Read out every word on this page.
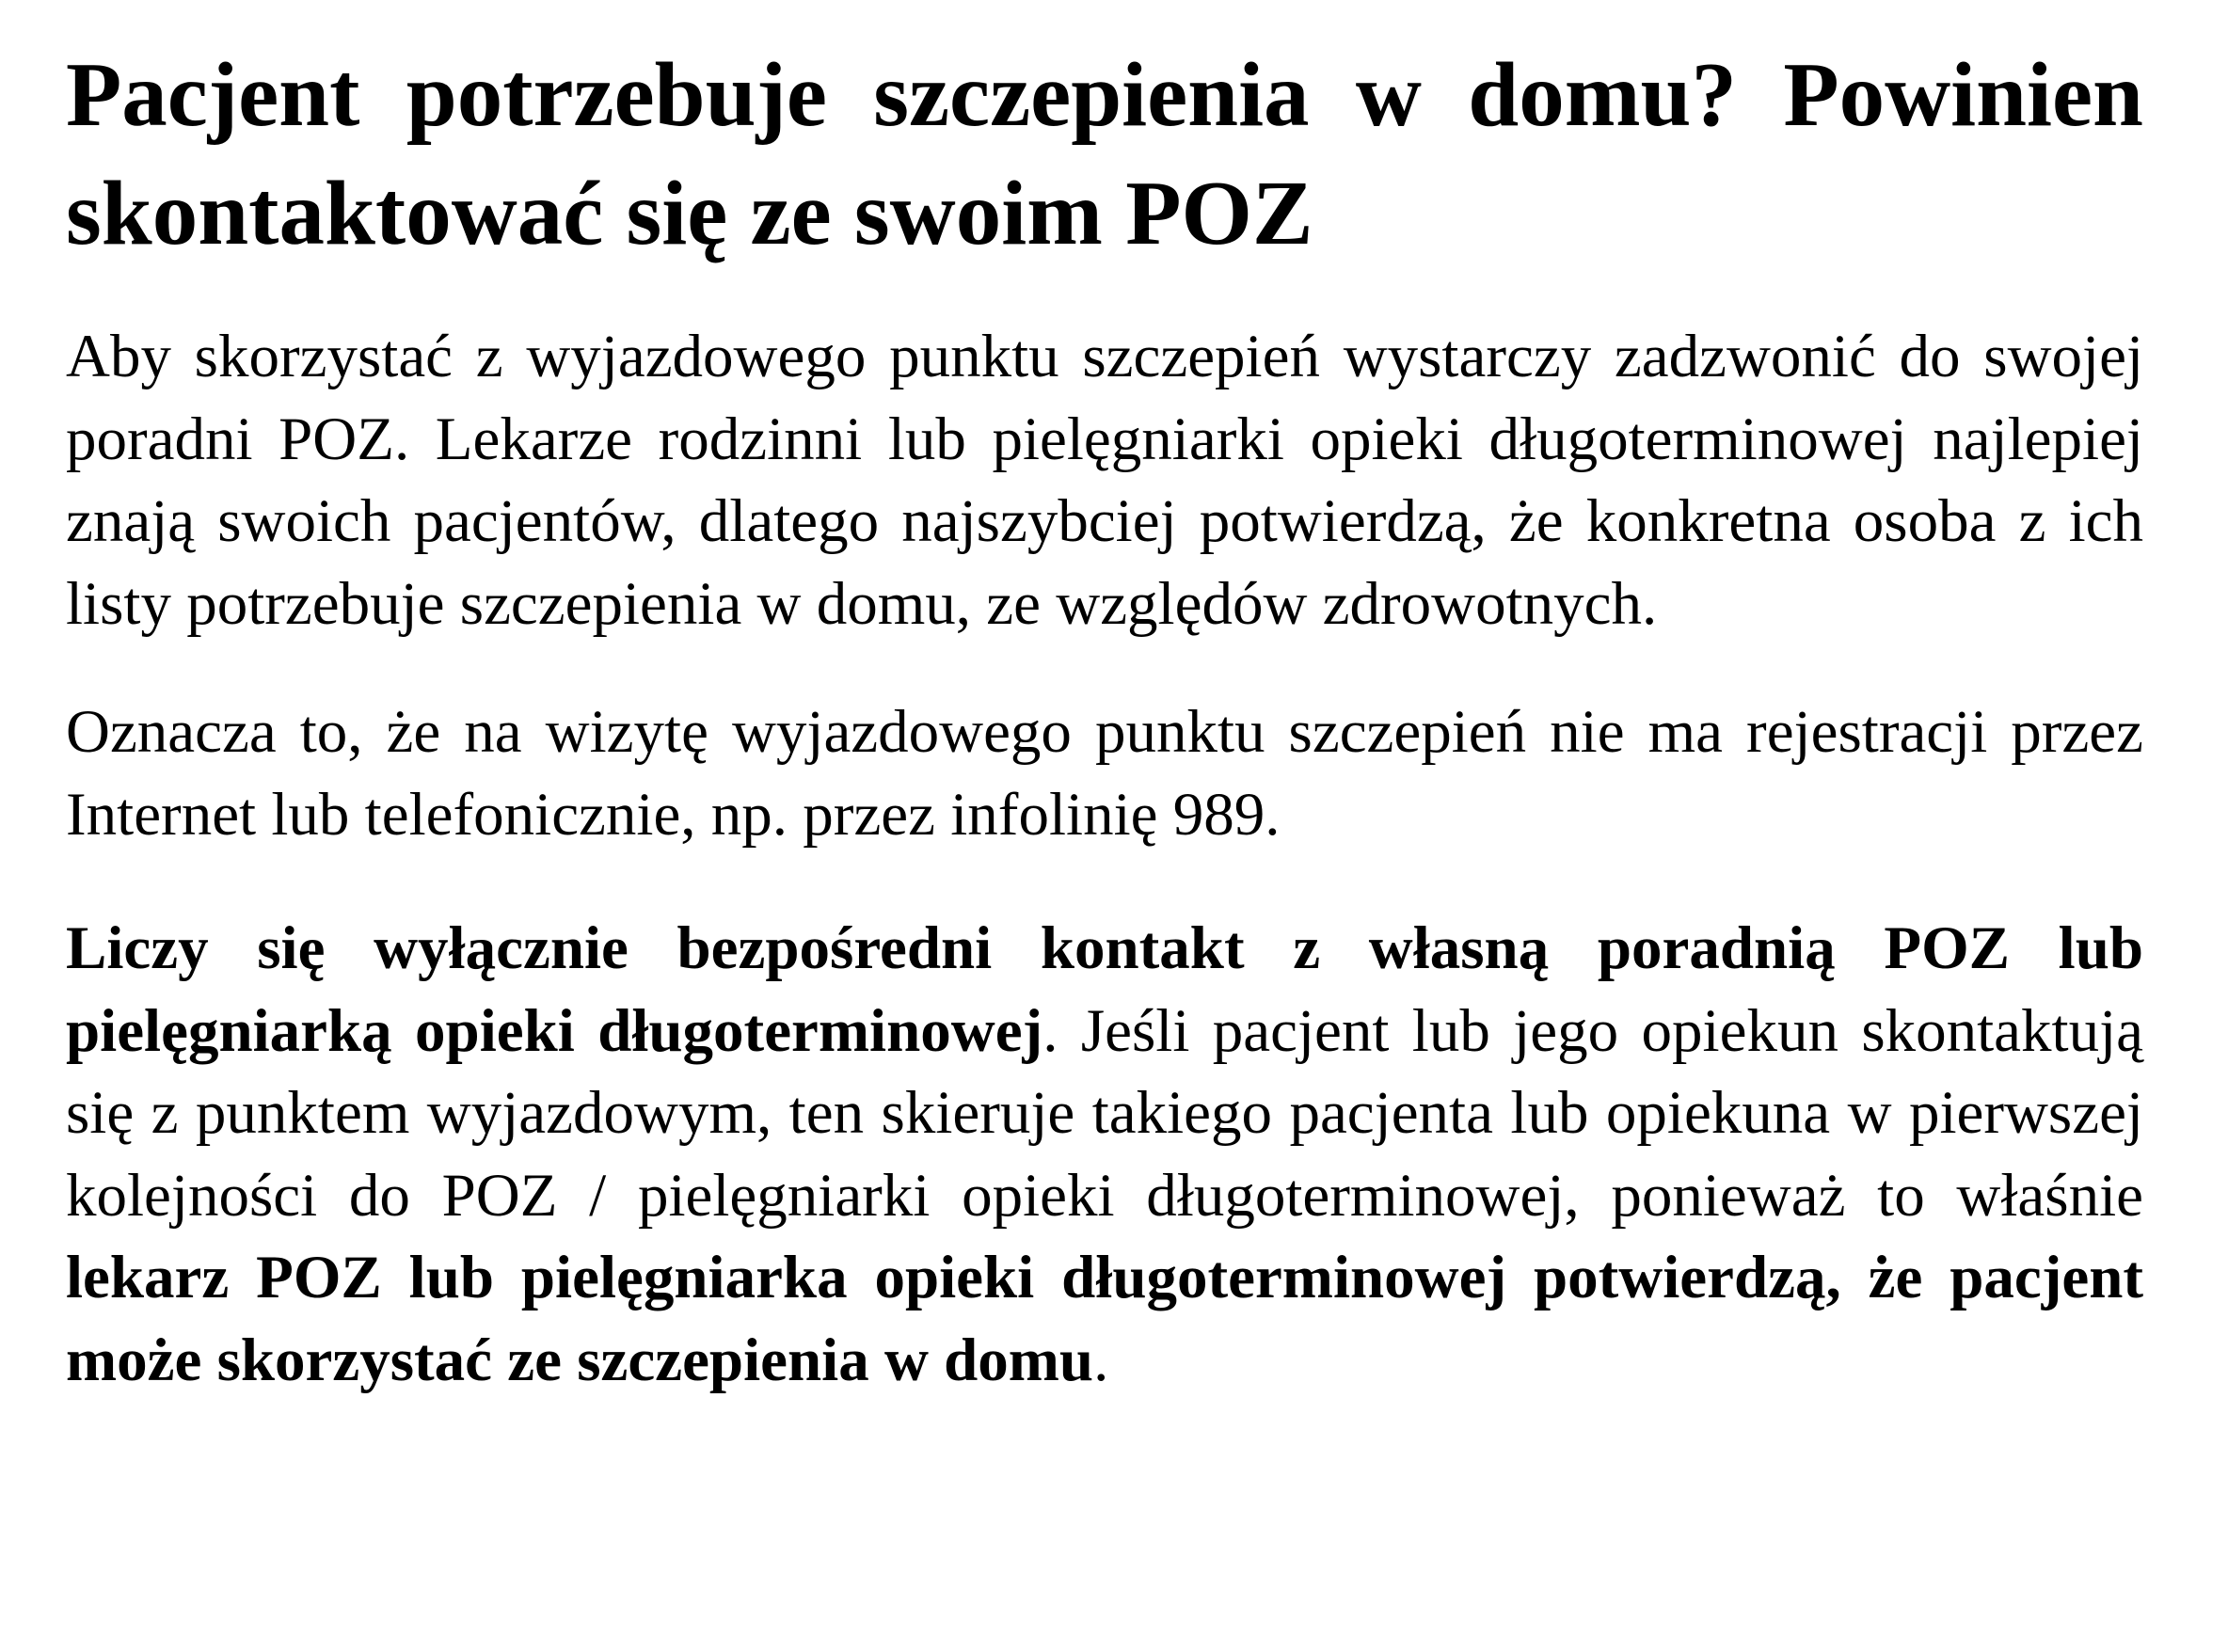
Pacjent potrzebuje szczepienia w domu? Powinien skontaktować się ze swoim POZ

Aby skorzystać z wyjazdowego punktu szczepień wystarczy zadzwonić do swojej poradni POZ. Lekarze rodzinni lub pielęgniarki opieki długoterminowej najlepiej znają swoich pacjentów, dlatego najszybciej potwierdzą, że konkretna osoba z ich listy potrzebuje szczepienia w domu, ze względów zdrowotnych.

Oznacza to, że na wizytę wyjazdowego punktu szczepień nie ma rejestracji przez Internet lub telefonicznie, np. przez infolinię 989.

Liczy się wyłącznie bezpośredni kontakt z własną poradnią POZ lub pielęgniarką opieki długoterminowej. Jeśli pacjent lub jego opiekun skontaktują się z punktem wyjazdowym, ten skieruje takiego pacjenta lub opiekuna w pierwszej kolejności do POZ / pielęgniarki opieki długoterminowej, ponieważ to właśnie lekarz POZ lub pielęgniarka opieki długoterminowej potwierdzą, że pacjent może skorzystać ze szczepienia w domu.
